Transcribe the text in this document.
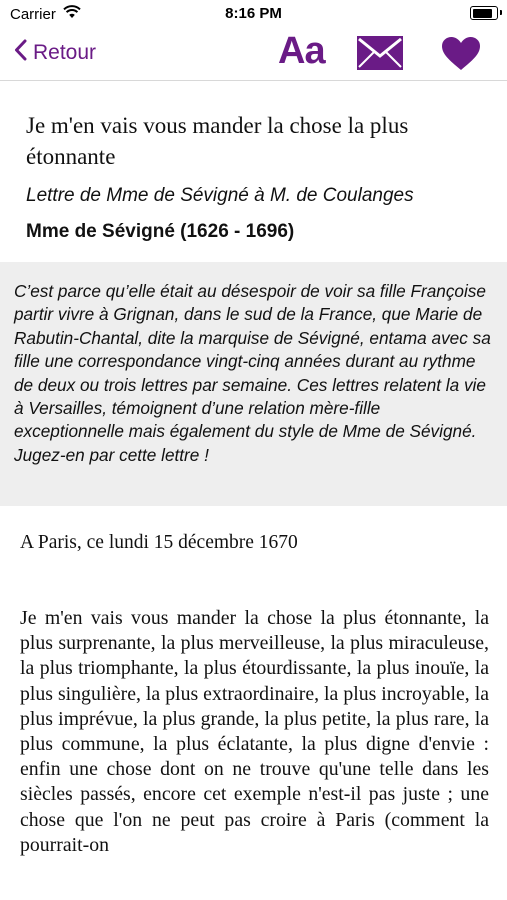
Carrier	8:16 PM
Retour	Aa
Je m'en vais vous mander la chose la plus étonnante
Lettre de Mme de Sévigné à M. de Coulanges
Mme de Sévigné (1626 - 1696)

C’est parce qu’elle était au désespoir de voir sa fille Françoise partir vivre à Grignan, dans le sud de la France, que Marie de Rabutin-Chantal, dite la marquise de Sévigné, entama avec sa fille une correspondance vingt-cinq années durant au rythme de deux ou trois lettres par semaine. Ces lettres relatent la vie à Versailles, témoignent d’une relation mère-fille exceptionnelle mais également du style de Mme de Sévigné. Jugez-en par cette lettre !

A Paris, ce lundi 15 décembre 1670

Je m'en vais vous mander la chose la plus étonnante, la plus surprenante, la plus merveilleuse, la plus miraculeuse, la plus triomphante, la plus étourdissante, la plus inouïe, la plus singulière, la plus extraordinaire, la plus incroyable, la plus imprévue, la plus grande, la plus petite, la plus rare, la plus commune, la plus éclatante, la plus digne d'envie : enfin une chose dont on ne trouve qu'une telle dans les siècles passés, encore cet exemple n'est-il pas juste ; une chose que l'on ne peut pas croire à Paris (comment la pourrait-on
